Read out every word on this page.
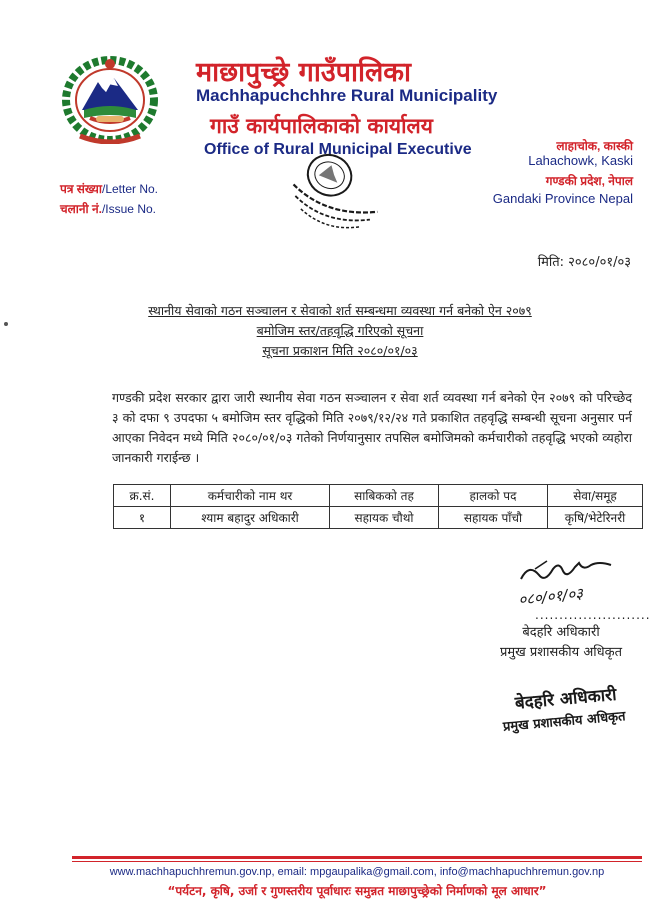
माछापुच्छ्रे गाउँपालिका
Machhapuchchhre Rural Municipality
गाउँ कार्यपालिकाको कार्यालय
Office of Rural Municipal Executive	लाहाचोक, कास्की
Lahachowk, Kaski
गण्डकी प्रदेश, नेपाल
Gandaki Province Nepal
पत्र संख्या/Letter No.
चलानी नं./Issue No.
मिति: २०८०/०१/०३
स्थानीय सेवाको गठन सञ्चालन र सेवाको शर्त सम्बन्धमा व्यवस्था गर्न बनेको ऐन २०७९
बमोजिम स्तर/तहवृद्धि गरिएको सूचना
सूचना प्रकाशन मिति २०८०/०१/०३
गण्डकी प्रदेश सरकार द्वारा जारी स्थानीय सेवा गठन सञ्चालन र सेवा शर्त व्यवस्था गर्न बनेको ऐन २०७९ को परिच्छेद ३ को दफा ९ उपदफा ५ बमोजिम स्तर वृद्धिको मिति २०७९/१२/२४ गते प्रकाशित तहवृद्धि सम्बन्धी सूचना अनुसार पर्न आएका निवेदन मध्ये मिति २०८०/०१/०३ गतेको निर्णयानुसार तपसिल बमोजिमको कर्मचारीको तहवृद्धि भएको व्यहोरा जानकारी गराईन्छ ।
क्र.सं.	कर्मचारीको नाम थर	साबिकको तह	हालको पद	सेवा/समूह
१	श्याम बहादुर अधिकारी	सहायक चौथो	सहायक पाँचौ	कृषि/भेटेरिनरी
०८०/०१/०३
........................
बेदहरि अधिकारी
प्रमुख प्रशासकीय अधिकृत
बेदहरि अधिकारी
प्रमुख प्रशासकीय अधिकृत
www.machhapuchhremun.gov.np, email: mpgaupalika@gmail.com, info@machhapuchhremun.gov.np
“पर्यटन, कृषि, उर्जा र गुणस्तरीय पूर्वाधारः समुन्नत माछापुच्छ्रेको निर्माणको मूल आधार”
